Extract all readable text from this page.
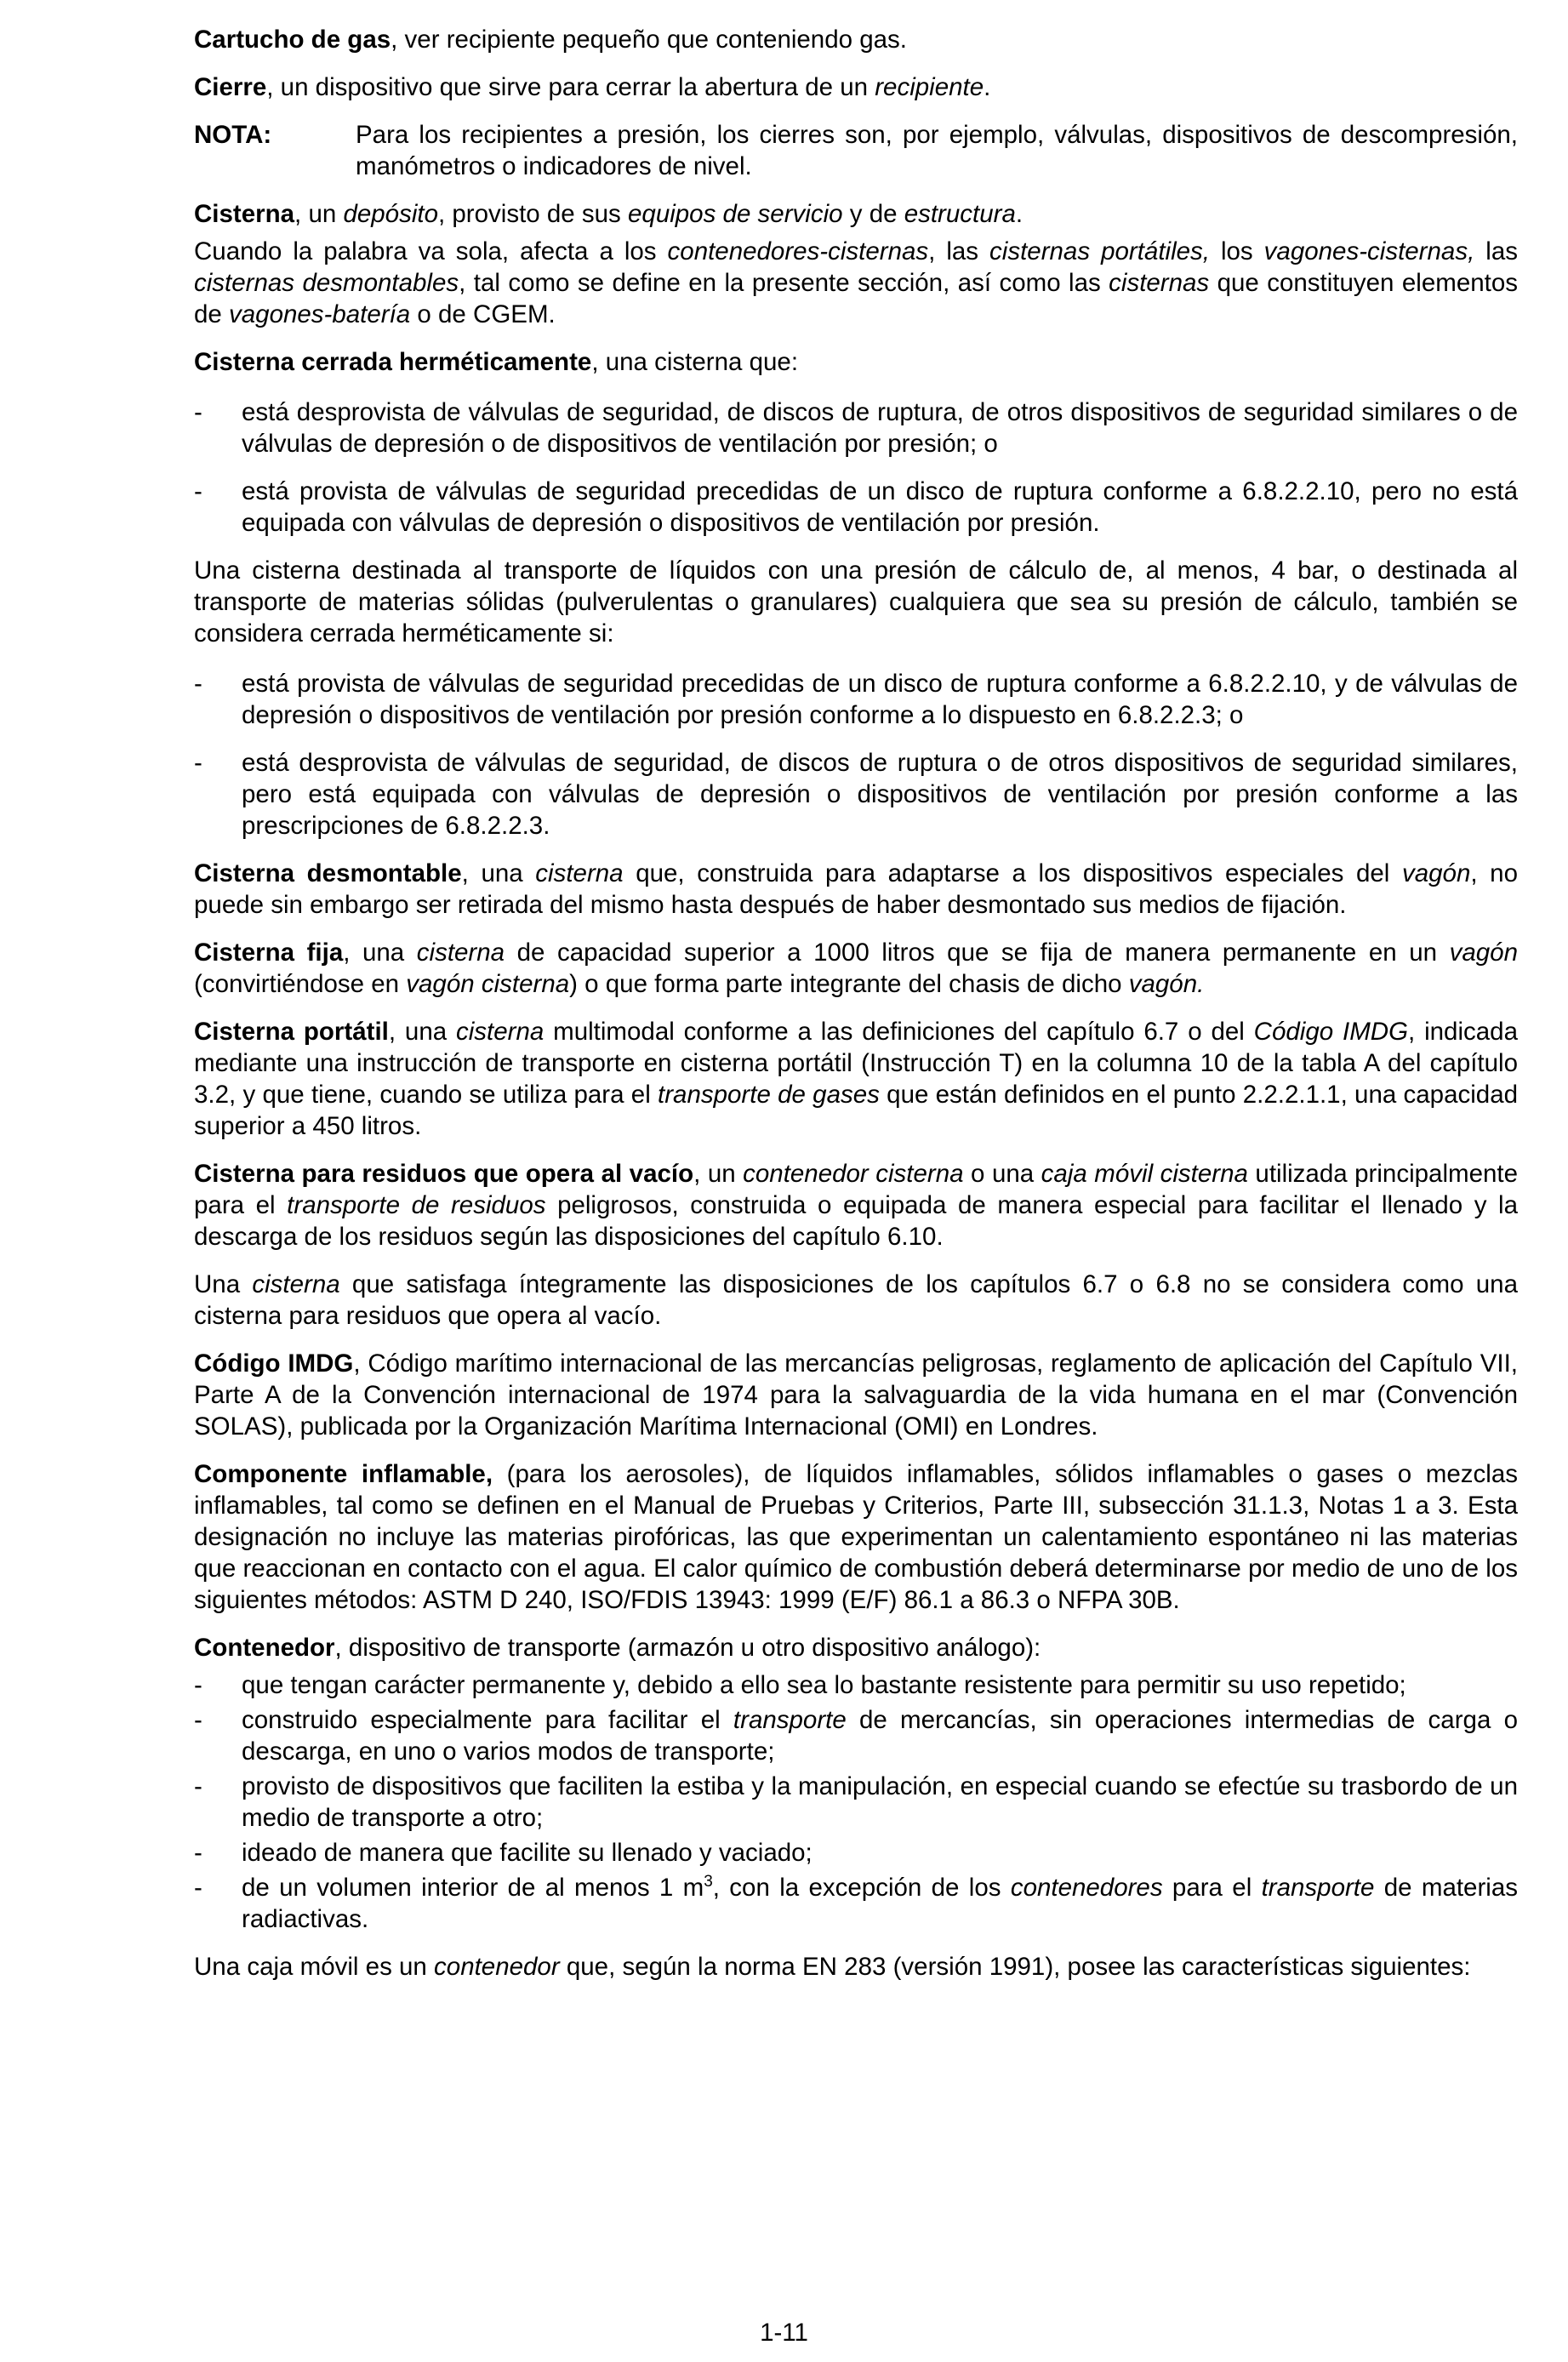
Cartucho de gas, ver recipiente pequeño que conteniendo gas.

Cierre, un dispositivo que sirve para cerrar la abertura de un recipiente.

NOTA:	Para los recipientes a presión, los cierres son, por ejemplo, válvulas, dispositivos de descompresión, manómetros o indicadores de nivel.

Cisterna, un depósito, provisto de sus equipos de servicio y de estructura.

Cuando la palabra va sola, afecta a los contenedores-cisternas, las cisternas portátiles, los vagones-cisternas, las cisternas desmontables, tal como se define en la presente sección, así como las cisternas que constituyen elementos de vagones-batería o de CGEM.

Cisterna cerrada herméticamente, una cisterna que:

- está desprovista de válvulas de seguridad, de discos de ruptura, de otros dispositivos de seguridad similares o de válvulas de depresión o de dispositivos de ventilación por presión; o
- está provista de válvulas de seguridad precedidas de un disco de ruptura conforme a 6.8.2.2.10, pero no está equipada con válvulas de depresión o dispositivos de ventilación por presión.

Una cisterna destinada al transporte de líquidos con una presión de cálculo de, al menos, 4 bar, o destinada al transporte de materias sólidas (pulverulentas o granulares) cualquiera que sea su presión de cálculo, también se considera cerrada herméticamente si:

- está provista de válvulas de seguridad precedidas de un disco de ruptura conforme a 6.8.2.2.10, y de válvulas de depresión o dispositivos de ventilación por presión conforme a lo dispuesto en 6.8.2.2.3; o
- está desprovista de válvulas de seguridad, de discos de ruptura o de otros dispositivos de seguridad similares, pero está equipada con válvulas de depresión o dispositivos de ventilación por presión conforme a las prescripciones de 6.8.2.2.3.

Cisterna desmontable, una cisterna que, construida para adaptarse a los dispositivos especiales del vagón, no puede sin embargo ser retirada del mismo hasta después de haber desmontado sus medios de fijación.

Cisterna fija, una cisterna de capacidad superior a 1000 litros que se fija de manera permanente en un vagón (convirtiéndose en vagón cisterna) o que forma parte integrante del chasis de dicho vagón.

Cisterna portátil, una cisterna multimodal conforme a las definiciones del capítulo 6.7 o del Código IMDG, indicada mediante una instrucción de transporte en cisterna portátil (Instrucción T) en la columna 10 de la tabla A del capítulo 3.2, y que tiene, cuando se utiliza para el transporte de gases que están definidos en el punto 2.2.2.1.1, una capacidad superior a 450 litros.

Cisterna para residuos que opera al vacío, un contenedor cisterna o una caja móvil cisterna utilizada principalmente para el transporte de residuos peligrosos, construida o equipada de manera especial para facilitar el llenado y la descarga de los residuos según las disposiciones del capítulo 6.10.

Una cisterna que satisfaga íntegramente las disposiciones de los capítulos 6.7 o 6.8 no se considera como una cisterna para residuos que opera al vacío.

Código IMDG, Código marítimo internacional de las mercancías peligrosas, reglamento de aplicación del Capítulo VII, Parte A de la Convención internacional de 1974 para la salvaguardia de la vida humana en el mar (Convención SOLAS), publicada por la Organización Marítima Internacional (OMI) en Londres.

Componente inflamable, (para los aerosoles), de líquidos inflamables, sólidos inflamables o gases o mezclas inflamables, tal como se definen en el Manual de Pruebas y Criterios, Parte III, subsección 31.1.3, Notas 1 a 3. Esta designación no incluye las materias pirofóricas, las que experimentan un calentamiento espontáneo ni las materias que reaccionan en contacto con el agua. El calor químico de combustión deberá determinarse por medio de uno de los siguientes métodos: ASTM D 240, ISO/FDIS 13943: 1999 (E/F) 86.1 a 86.3 o NFPA 30B.

Contenedor, dispositivo de transporte (armazón u otro dispositivo análogo):

- que tengan carácter permanente y, debido a ello sea lo bastante resistente para permitir su uso repetido;
- construido especialmente para facilitar el transporte de mercancías, sin operaciones intermedias de carga o descarga, en uno o varios modos de transporte;
- provisto de dispositivos que faciliten la estiba y la manipulación, en especial cuando se efectúe su trasbordo de un medio de transporte a otro;
- ideado de manera que facilite su llenado y vaciado;
- de un volumen interior de al menos 1 $m^3$, con la excepción de los contenedores para el transporte de materias radiactivas.

Una caja móvil es un contenedor que, según la norma EN 283 (versión 1991), posee las características siguientes:

1-11
